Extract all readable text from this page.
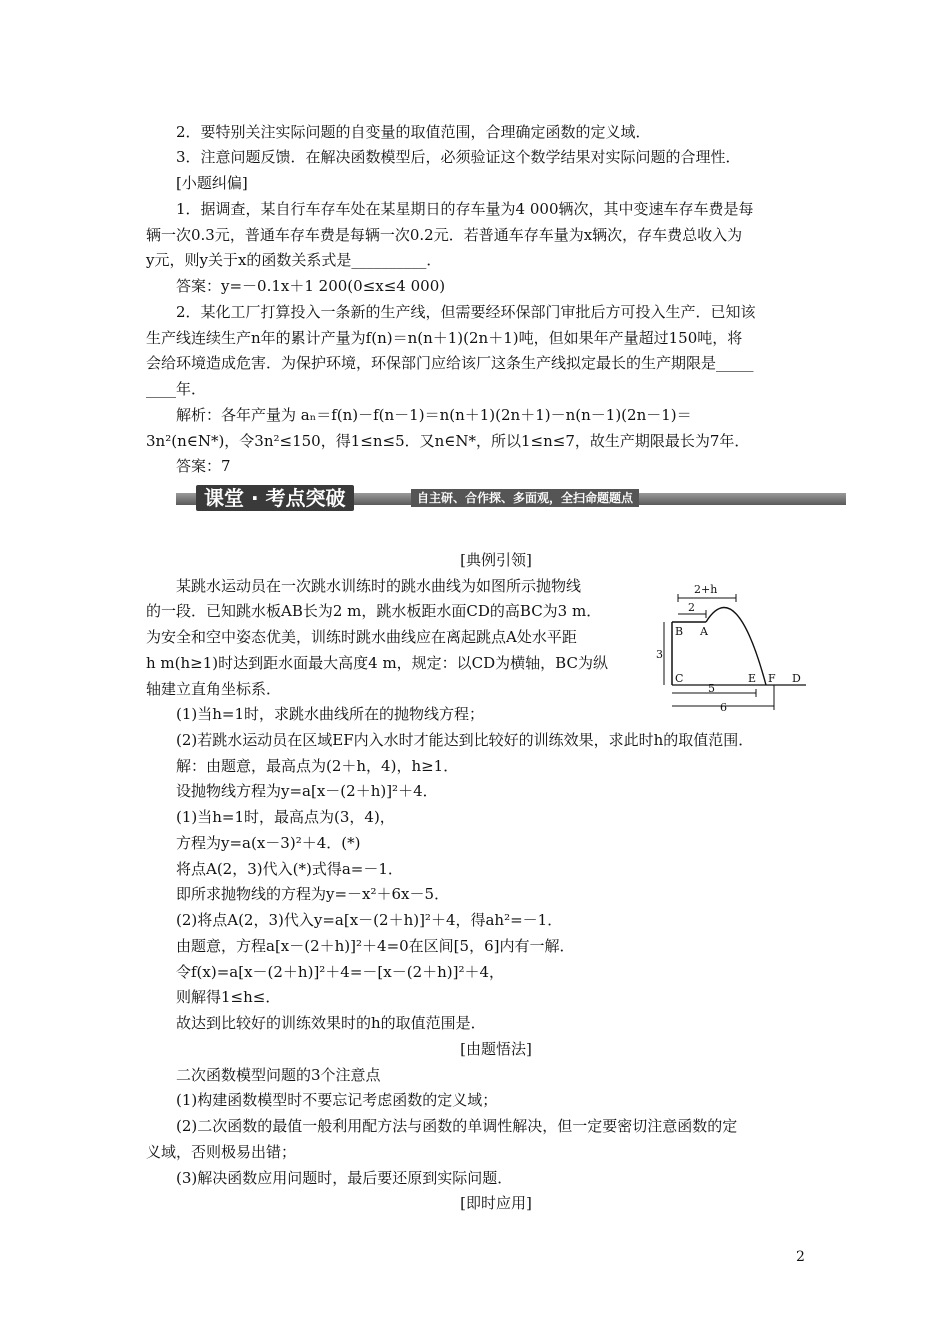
2．要特别关注实际问题的自变量的取值范围，合理确定函数的定义域．
3．注意问题反馈．在解决函数模型后，必须验证这个数学结果对实际问题的合理性．
[小题纠偏]
1．据调查，某自行车存车处在某星期日的存车量为4 000辆次，其中变速车存车费是每
辆一次0.3元，普通车存车费是每辆一次0.2元．若普通车存车量为x辆次，存车费总收入为
y元，则y关于x的函数关系式是__________．
答案：y=－0.1x＋1 200(0≤x≤4 000)
2．某化工厂打算投入一条新的生产线，但需要经环保部门审批后方可投入生产．已知该
生产线连续生产n年的累计产量为f(n)＝n(n＋1)(2n＋1)吨，但如果年产量超过150吨，将
会给环境造成危害．为保护环境，环保部门应给该厂这条生产线拟定最长的生产期限是_____
____年．
解析：各年产量为 aₙ＝f(n)－f(n－1)＝n(n＋1)(2n＋1)－n(n－1)(2n－1)＝
3n²(n∈N*)，令3n²≤150，得1≤n≤5．又n∈N*，所以1≤n≤7，故生产期限最长为7年．
答案：7
课堂 · 考点突破	自主研、合作探、多面观，全扫命题题点
[典例引领]
某跳水运动员在一次跳水训练时的跳水曲线为如图所示抛物线
的一段．已知跳水板AB长为2 m，跳水板距水面CD的高BC为3 m．
为安全和空中姿态优美，训练时跳水曲线应在离起跳点A处水平距
h m(h≥1)时达到距水面最大高度4 m，规定：以CD为横轴，BC为纵
轴建立直角坐标系．
2+h
2
B A
3
C	E F D
5
6
(1)当h=1时，求跳水曲线所在的抛物线方程；
(2)若跳水运动员在区域EF内入水时才能达到比较好的训练效果，求此时h的取值范围．
解：由题意，最高点为(2＋h，4)，h≥1．
设抛物线方程为y=a[x－(2＋h)]²＋4．
(1)当h=1时，最高点为(3，4)，
方程为y=a(x－3)²＋4．(*)
将点A(2，3)代入(*)式得a=－1．
即所求抛物线的方程为y=－x²＋6x－5．
(2)将点A(2，3)代入y=a[x－(2＋h)]²＋4，得ah²=－1．
由题意，方程a[x－(2＋h)]²＋4=0在区间[5，6]内有一解．
令f(x)=a[x－(2＋h)]²＋4=－[x－(2＋h)]²＋4，
则解得1≤h≤．
故达到比较好的训练效果时的h的取值范围是．
[由题悟法]
二次函数模型问题的3个注意点
(1)构建函数模型时不要忘记考虑函数的定义域；
(2)二次函数的最值一般利用配方法与函数的单调性解决，但一定要密切注意函数的定
义域，否则极易出错；
(3)解决函数应用问题时，最后要还原到实际问题．
[即时应用]
2
